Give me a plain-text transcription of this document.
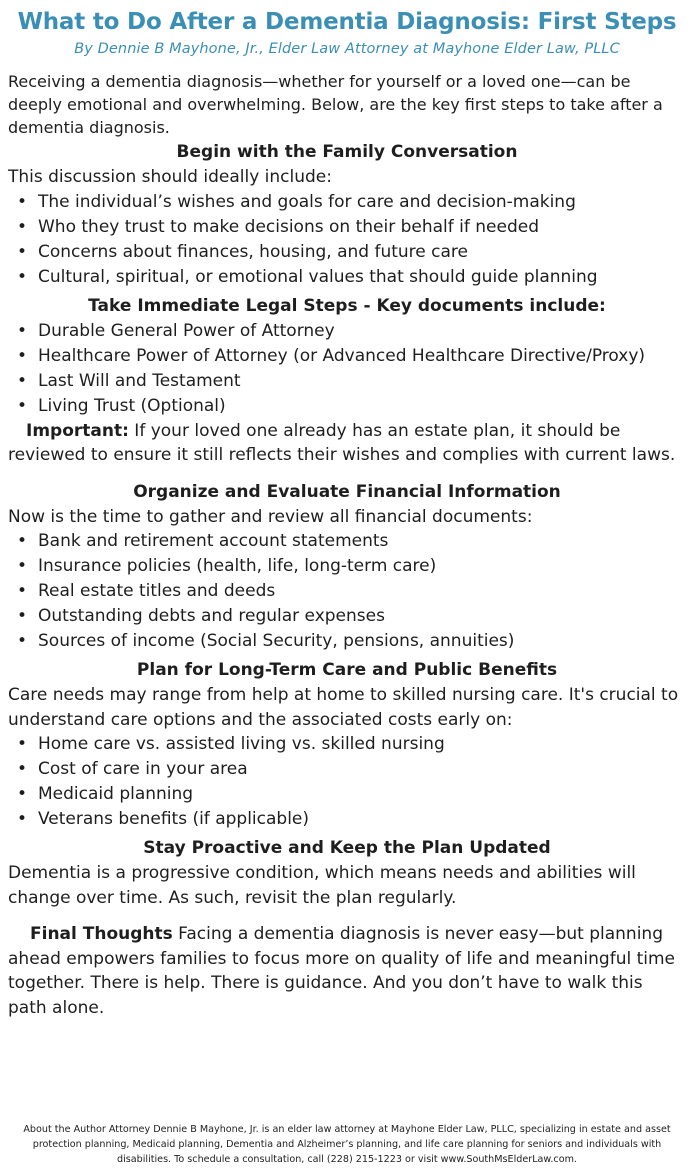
What to Do After a Dementia Diagnosis: First Steps
By Dennie B Mayhone, Jr., Elder Law Attorney at Mayhone Elder Law, PLLC

Receiving a dementia diagnosis—whether for yourself or a loved one—can be deeply emotional and overwhelming. Below, are the key first steps to take after a dementia diagnosis.

Begin with the Family Conversation

This discussion should ideally include:

• The individual’s wishes and goals for care and decision-making
• Who they trust to make decisions on their behalf if needed
• Concerns about finances, housing, and future care
• Cultural, spiritual, or emotional values that should guide planning
Take Immediate Legal Steps - Key documents include:
• Durable General Power of Attorney
• Healthcare Power of Attorney (or Advanced Healthcare Directive/Proxy)
• Last Will and Testament
• Living Trust (Optional)

Important: If your loved one already has an estate plan, it should be reviewed to ensure it still reflects their wishes and complies with current laws.

Organize and Evaluate Financial Information

Now is the time to gather and review all financial documents:

• Bank and retirement account statements
• Insurance policies (health, life, long-term care)
• Real estate titles and deeds
• Outstanding debts and regular expenses
• Sources of income (Social Security, pensions, annuities)
Plan for Long-Term Care and Public Benefits

Care needs may range from help at home to skilled nursing care. It's crucial to understand care options and the associated costs early on:

• Home care vs. assisted living vs. skilled nursing
• Cost of care in your area
• Medicaid planning
• Veterans benefits (if applicable)
Stay Proactive and Keep the Plan Updated

Dementia is a progressive condition, which means needs and abilities will change over time. As such, revisit the plan regularly.

Final Thoughts Facing a dementia diagnosis is never easy—but planning ahead empowers families to focus more on quality of life and meaningful time together. There is help. There is guidance. And you don’t have to walk this path alone.

About the Author Attorney Dennie B Mayhone, Jr. is an elder law attorney at Mayhone Elder Law, PLLC, specializing in estate and asset protection planning, Medicaid planning, Dementia and Alzheimer’s planning, and life care planning for seniors and individuals with disabilities. To schedule a consultation, call (228) 215-1223 or visit www.SouthMsElderLaw.com.
